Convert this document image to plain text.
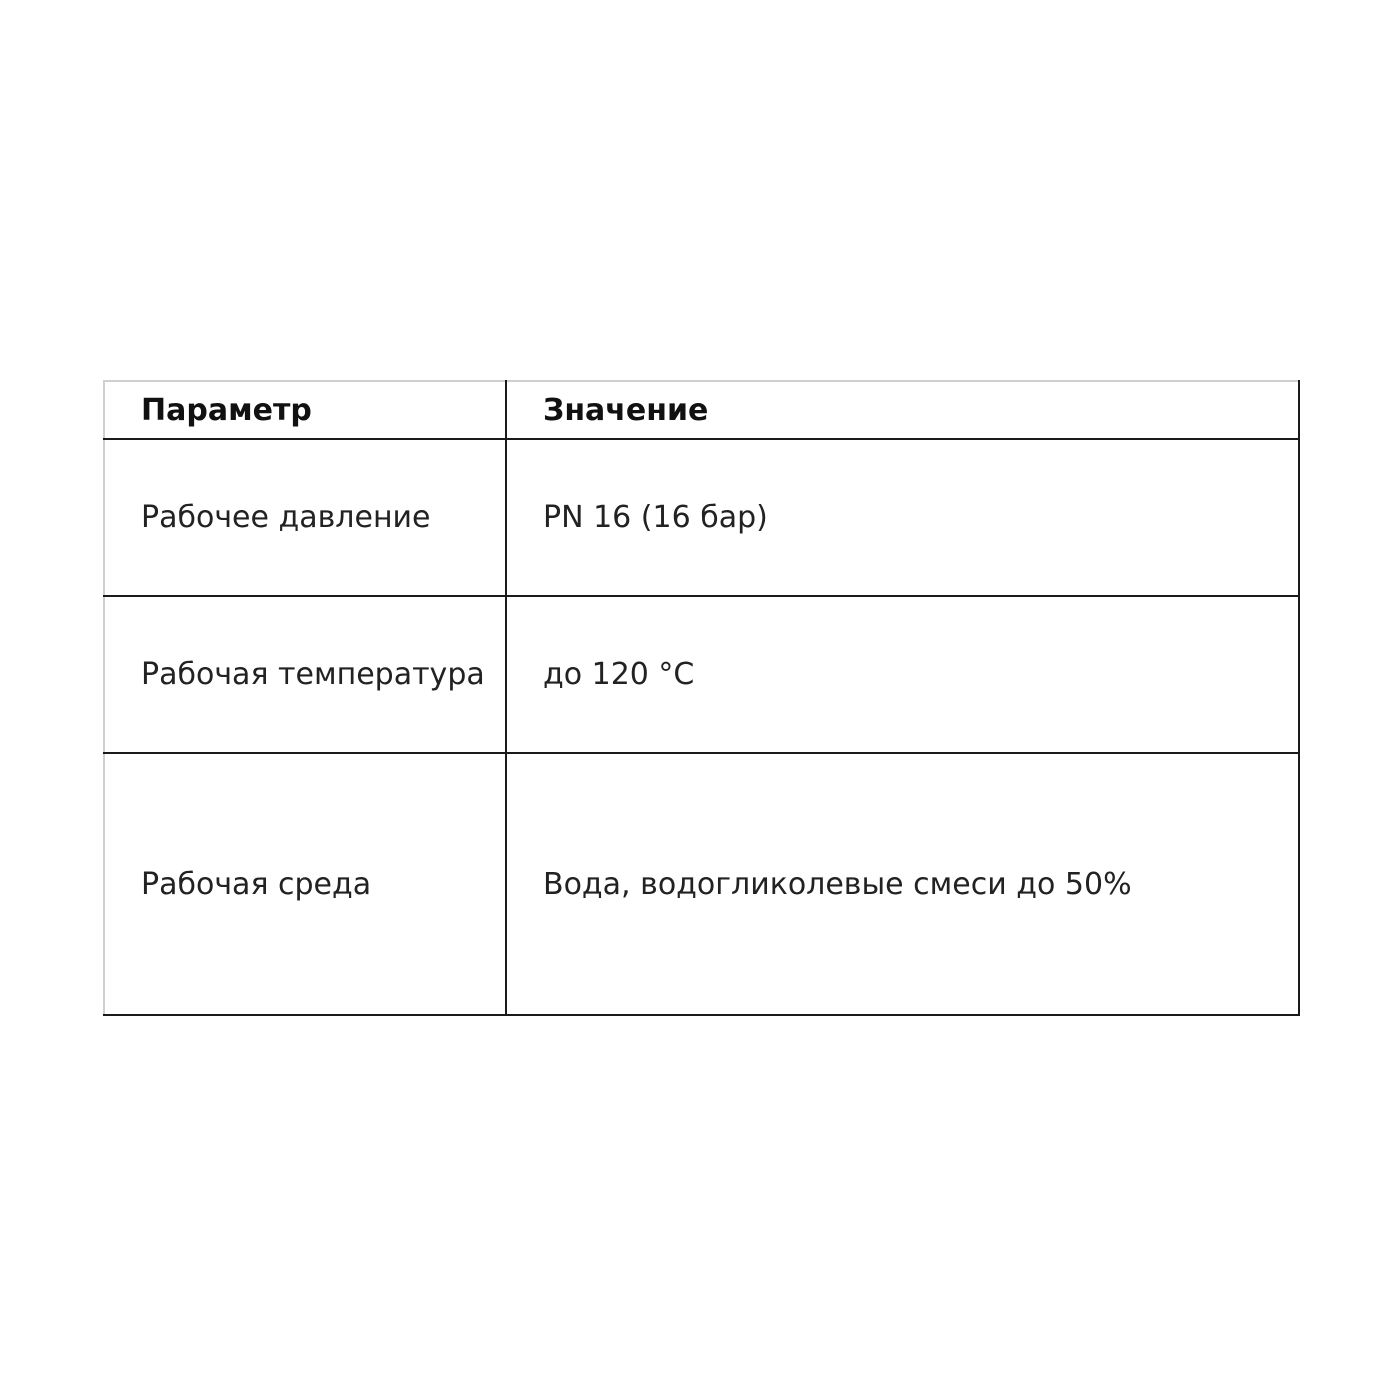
Параметр	Значение
Рабочее давление	PN 16 (16 бар)
Рабочая температура	до 120 °C
Рабочая среда	Вода, водогликолевые смеси до 50%
